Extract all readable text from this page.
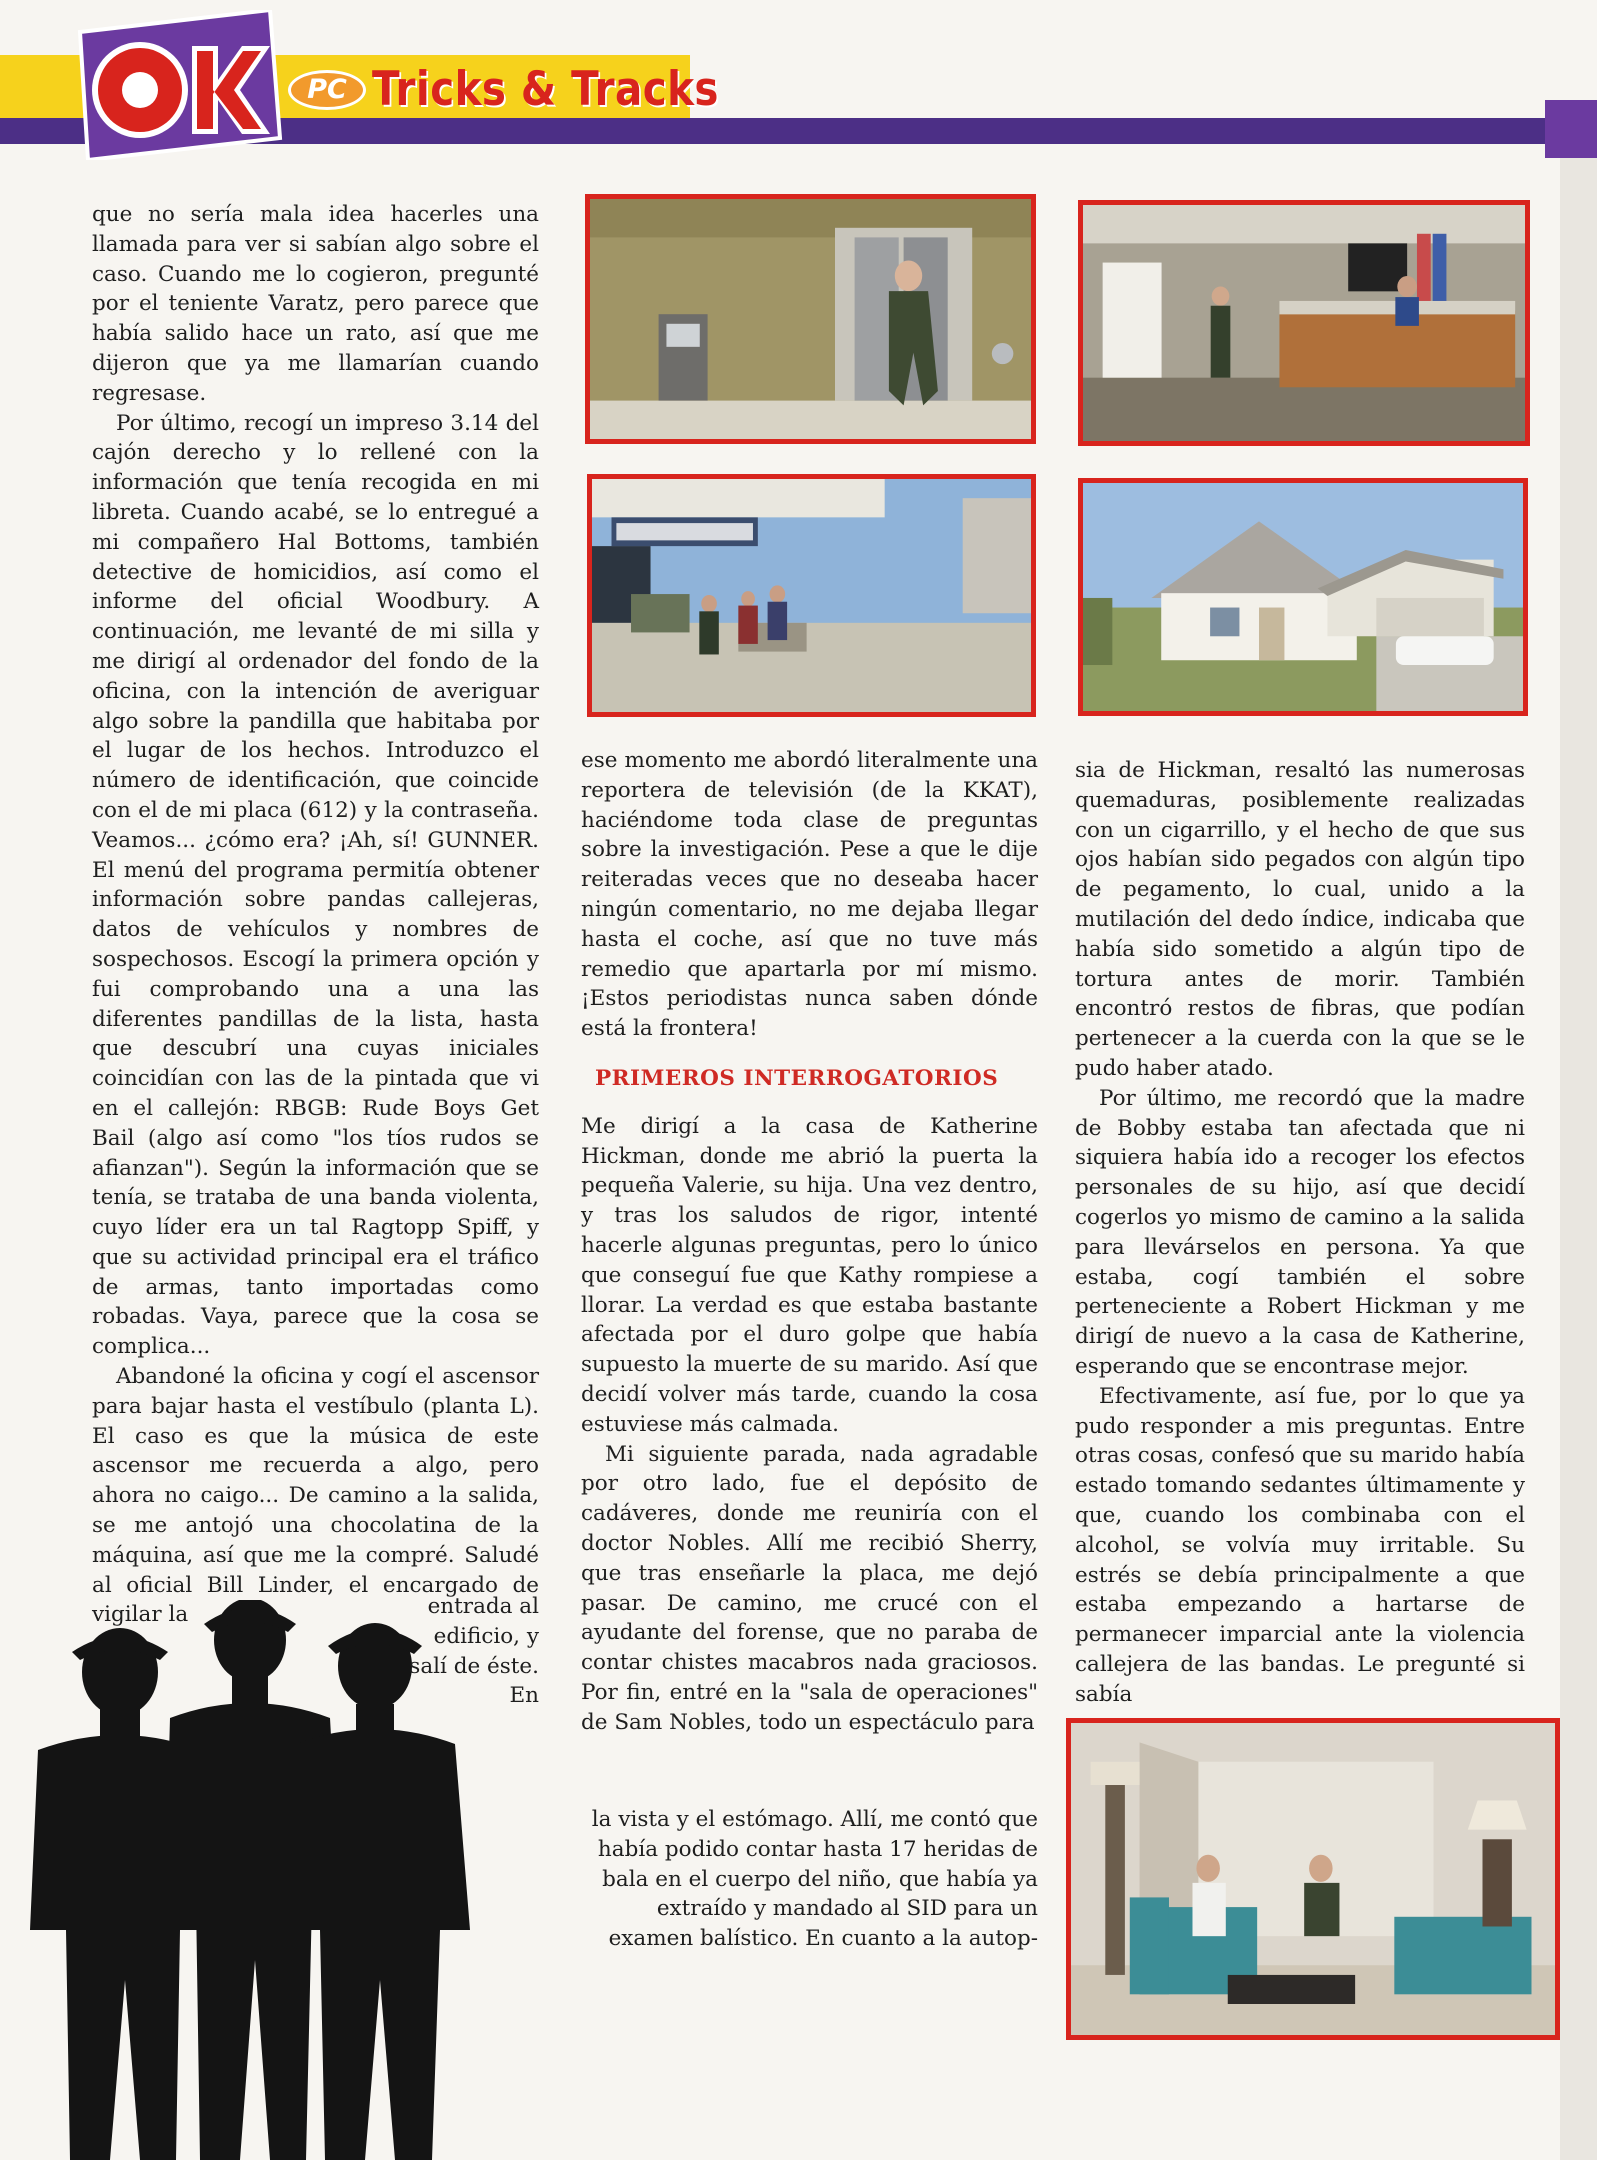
OK	PC Tricks & Tracks

que no sería mala idea hacerles una llamada para ver si sabían algo sobre el caso. Cuando me lo cogieron, pregunté por el teniente Varatz, pero parece que había salido hace un rato, así que me dijeron que ya me llamarían cuando regresase.

Por último, recogí un impreso 3.14 del cajón derecho y lo rellené con la información que tenía recogida en mi libreta. Cuando acabé, se lo entregué a mi compañero Hal Bottoms, también detective de homicidios, así como el informe del oficial Woodbury. A continuación, me levanté de mi silla y me dirigí al ordenador del fondo de la oficina, con la intención de averiguar algo sobre la pandilla que habitaba por el lugar de los hechos. Introduzco el número de identificación, que coincide con el de mi placa (612) y la contraseña. Veamos... ¿cómo era? ¡Ah, sí! GUNNER. El menú del programa permitía obtener información sobre pandas callejeras, datos de vehículos y nombres de sospechosos. Escogí la primera opción y fui comprobando una a una las diferentes pandillas de la lista, hasta que descubrí una cuyas iniciales coincidían con las de la pintada que vi en el callejón: RBGB: Rude Boys Get Bail (algo así como "los tíos rudos se afianzan"). Según la información que se tenía, se trataba de una banda violenta, cuyo líder era un tal Ragtopp Spiff, y que su actividad principal era el tráfico de armas, tanto importadas como robadas. Vaya, parece que la cosa se complica...

Abandoné la oficina y cogí el ascensor para bajar hasta el vestíbulo (planta L). El caso es que la música de este ascensor me recuerda a algo, pero ahora no caigo... De camino a la salida, se me antojó una chocolatina de la máquina, así que me la compré. Saludé al oficial Bill Linder, el encargado de vigilar la	entrada al edificio, y salí de éste. En

ese momento me abordó literalmente una reportera de televisión (de la KKAT), haciéndome toda clase de preguntas sobre la investigación. Pese a que le dije reiteradas veces que no deseaba hacer ningún comentario, no me dejaba llegar hasta el coche, así que no tuve más remedio que apartarla por mí mismo. ¡Estos periodistas nunca saben dónde está la frontera!

PRIMEROS INTERROGATORIOS

Me dirigí a la casa de Katherine Hickman, donde me abrió la puerta la pequeña Valerie, su hija. Una vez dentro, y tras los saludos de rigor, intenté hacerle algunas preguntas, pero lo único que conseguí fue que Kathy rompiese a llorar. La verdad es que estaba bastante afectada por el duro golpe que había supuesto la muerte de su marido. Así que decidí volver más tarde, cuando la cosa estuviese más calmada.

Mi siguiente parada, nada agradable por otro lado, fue el depósito de cadáveres, donde me reuniría con el doctor Nobles. Allí me recibió Sherry, que tras enseñarle la placa, me dejó pasar. De camino, me crucé con el ayudante del forense, que no paraba de contar chistes macabros nada graciosos. Por fin, entré en la "sala de operaciones" de Sam Nobles, todo un espectáculo para

la vista y el estómago. Allí, me contó que había podido contar hasta 17 heridas de bala en el cuerpo del niño, que había ya extraído y mandado al SID para un examen balístico. En cuanto a la autop-

sia de Hickman, resaltó las numerosas quemaduras, posiblemente realizadas con un cigarrillo, y el hecho de que sus ojos habían sido pegados con algún tipo de pegamento, lo cual, unido a la mutilación del dedo índice, indicaba que había sido sometido a algún tipo de tortura antes de morir. También encontró restos de fibras, que podían pertenecer a la cuerda con la que se le pudo haber atado.

Por último, me recordó que la madre de Bobby estaba tan afectada que ni siquiera había ido a recoger los efectos personales de su hijo, así que decidí cogerlos yo mismo de camino a la salida para llevárselos en persona. Ya que estaba, cogí también el sobre perteneciente a Robert Hickman y me dirigí de nuevo a la casa de Katherine, esperando que se encontrase mejor.

Efectivamente, así fue, por lo que ya pudo responder a mis preguntas. Entre otras cosas, confesó que su marido había estado tomando sedantes últimamente y que, cuando los combinaba con el alcohol, se volvía muy irritable. Su estrés se debía principalmente a que estaba empezando a hartarse de permanecer imparcial ante la violencia callejera de las bandas. Le pregunté si sabía
